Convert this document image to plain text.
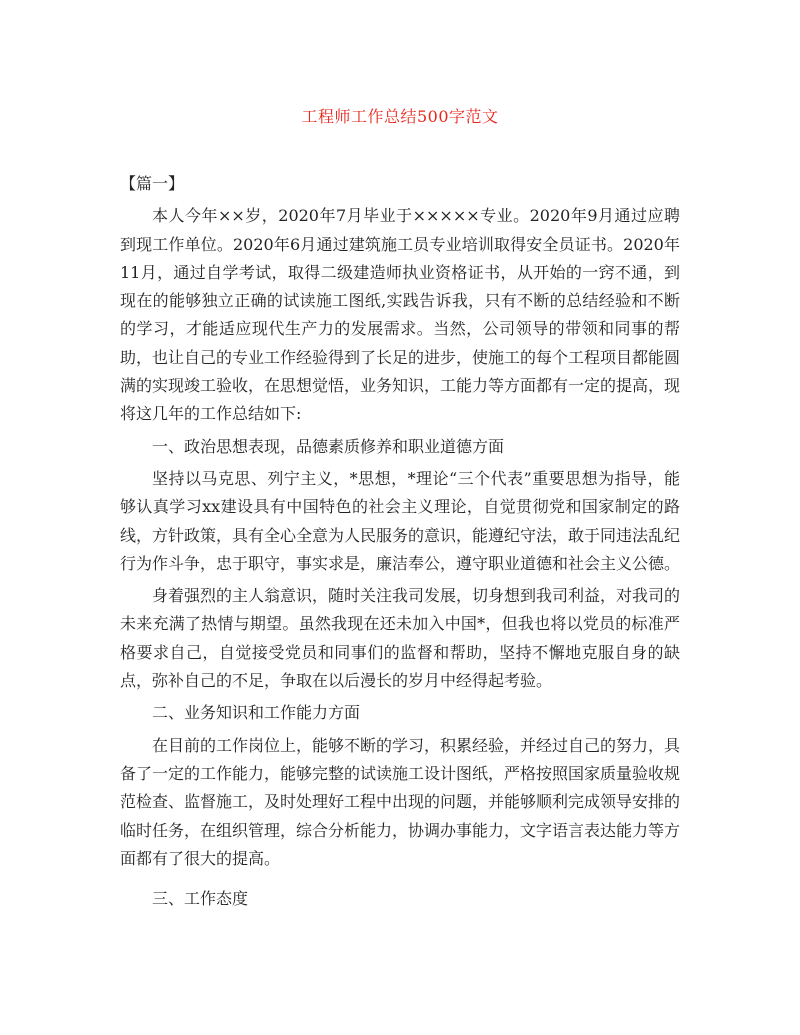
工程师工作总结500字范文

【篇一】

本人今年××岁，2020年7月毕业于×××××专业。2020年9月通过应聘到现工作单位。2020年6月通过建筑施工员专业培训取得安全员证书。2020年11月，通过自学考试，取得二级建造师执业资格证书，从开始的一窍不通，到现在的能够独立正确的试读施工图纸,实践告诉我，只有不断的总结经验和不断的学习，才能适应现代生产力的发展需求。当然，公司领导的带领和同事的帮助，也让自己的专业工作经验得到了长足的进步，使施工的每个工程项目都能圆满的实现竣工验收，在思想觉悟，业务知识，工能力等方面都有一定的提高，现将这几年的工作总结如下:

一、政治思想表现，品德素质修养和职业道德方面

坚持以马克思、列宁主义，*思想，*理论“三个代表”重要思想为指导，能够认真学习xx建设具有中国特色的社会主义理论，自觉贯彻党和国家制定的路线，方针政策，具有全心全意为人民服务的意识，能遵纪守法，敢于同违法乱纪行为作斗争，忠于职守，事实求是，廉洁奉公，遵守职业道德和社会主义公德。

身着强烈的主人翁意识，随时关注我司发展，切身想到我司利益，对我司的未来充满了热情与期望。虽然我现在还未加入中国*，但我也将以党员的标准严格要求自己，自觉接受党员和同事们的监督和帮助，坚持不懈地克服自身的缺点，弥补自己的不足，争取在以后漫长的岁月中经得起考验。

二、业务知识和工作能力方面

在目前的工作岗位上，能够不断的学习，积累经验，并经过自己的努力，具备了一定的工作能力，能够完整的试读施工设计图纸，严格按照国家质量验收规范检查、监督施工，及时处理好工程中出现的问题，并能够顺利完成领导安排的临时任务，在组织管理，综合分析能力，协调办事能力，文字语言表达能力等方面都有了很大的提高。

三、工作态度
